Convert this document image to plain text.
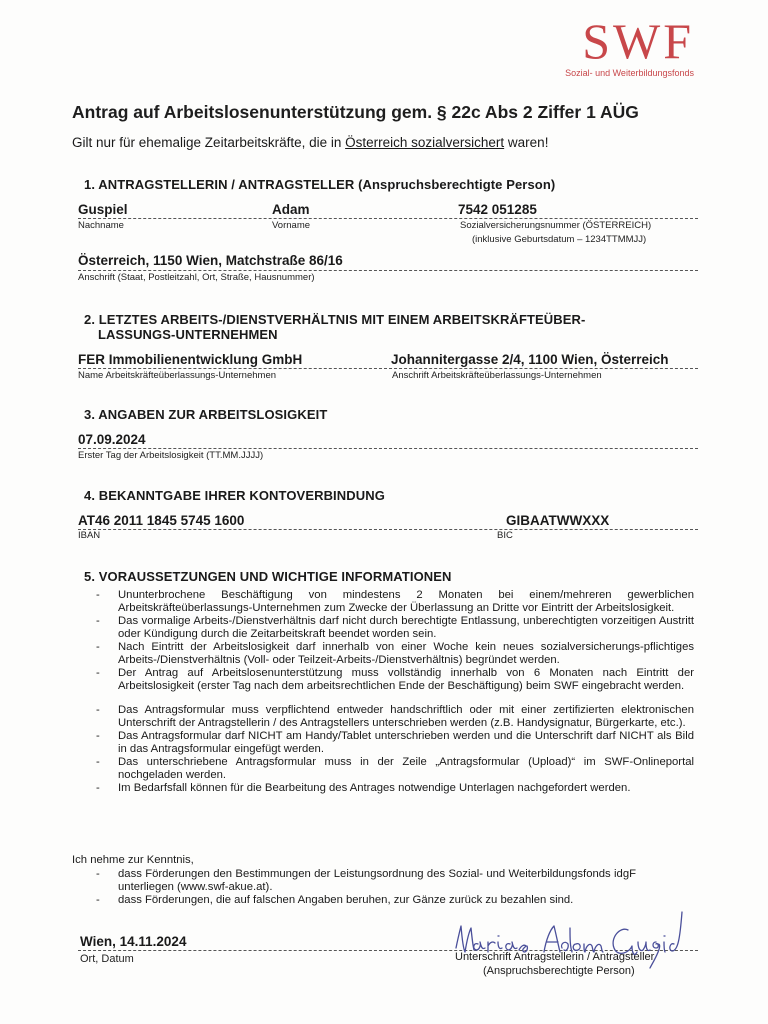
SWF
Sozial- und Weiterbildungsfonds
Antrag auf Arbeitslosenunterstützung gem. § 22c Abs 2 Ziffer 1 AÜG
Gilt nur für ehemalige Zeitarbeitskräfte, die in Österreich sozialversichert waren!
1. ANTRAGSTELLERIN / ANTRAGSTELLER (Anspruchsberechtigte Person)
Guspiel	Adam	7542 051285
Nachname	Vorname	Sozialversicherungsnummer (ÖSTERREICH)
(inklusive Geburtsdatum – 1234TTMMJJ)
Österreich, 1150 Wien, Matchstraße 86/16
Anschrift (Staat, Postleitzahl, Ort, Straße, Hausnummer)
2. LETZTES ARBEITS-/DIENSTVERHÄLTNIS MIT EINEM ARBEITSKRÄFTEÜBER-
LASSUNGS-UNTERNEHMEN
FER Immobilienentwicklung GmbH	Johannitergasse 2/4, 1100 Wien, Österreich
Name Arbeitskräfteüberlassungs-Unternehmen	Anschrift Arbeitskräfteüberlassungs-Unternehmen
3. ANGABEN ZUR ARBEITSLOSIGKEIT
07.09.2024
Erster Tag der Arbeitslosigkeit (TT.MM.JJJJ)
4. BEKANNTGABE IHRER KONTOVERBINDUNG
AT46 2011 1845 5745 1600	GIBAATWWXXX
IBAN	BIC
5. VORAUSSETZUNGEN UND WICHTIGE INFORMATIONEN
- Ununterbrochene Beschäftigung von mindestens 2 Monaten bei einem/mehreren gewerblichen Arbeitskräfteüberlassungs-Unternehmen zum Zwecke der Überlassung an Dritte vor Eintritt der Arbeitslosigkeit.
- Das vormalige Arbeits-/Dienstverhältnis darf nicht durch berechtigte Entlassung, unberechtigten vorzeitigen Austritt oder Kündigung durch die Zeitarbeitskraft beendet worden sein.
- Nach Eintritt der Arbeitslosigkeit darf innerhalb von einer Woche kein neues sozialversicherungs-pflichtiges Arbeits-/Dienstverhältnis (Voll- oder Teilzeit-Arbeits-/Dienstverhältnis) begründet werden.
- Der Antrag auf Arbeitslosenunterstützung muss vollständig innerhalb von 6 Monaten nach Eintritt der Arbeitslosigkeit (erster Tag nach dem arbeitsrechtlichen Ende der Beschäftigung) beim SWF eingebracht werden.
- Das Antragsformular muss verpflichtend entweder handschriftlich oder mit einer zertifizierten elektronischen Unterschrift der Antragstellerin / des Antragstellers unterschrieben werden (z.B. Handysignatur, Bürgerkarte, etc.).
- Das Antragsformular darf NICHT am Handy/Tablet unterschrieben werden und die Unterschrift darf NICHT als Bild in das Antragsformular eingefügt werden.
- Das unterschriebene Antragsformular muss in der Zeile „Antragsformular (Upload)“ im SWF-Onlineportal nochgeladen werden.
- Im Bedarfsfall können für die Bearbeitung des Antrages notwendige Unterlagen nachgefordert werden.
Ich nehme zur Kenntnis,
- dass Förderungen den Bestimmungen der Leistungsordnung des Sozial- und Weiterbildungsfonds idgF unterliegen (www.swf-akue.at).
- dass Förderungen, die auf falschen Angaben beruhen, zur Gänze zurück zu bezahlen sind.
Wien, 14.11.2024
Ort, Datum	Unterschrift Antragstellerin / Antragsteller
(Anspruchsberechtigte Person)
